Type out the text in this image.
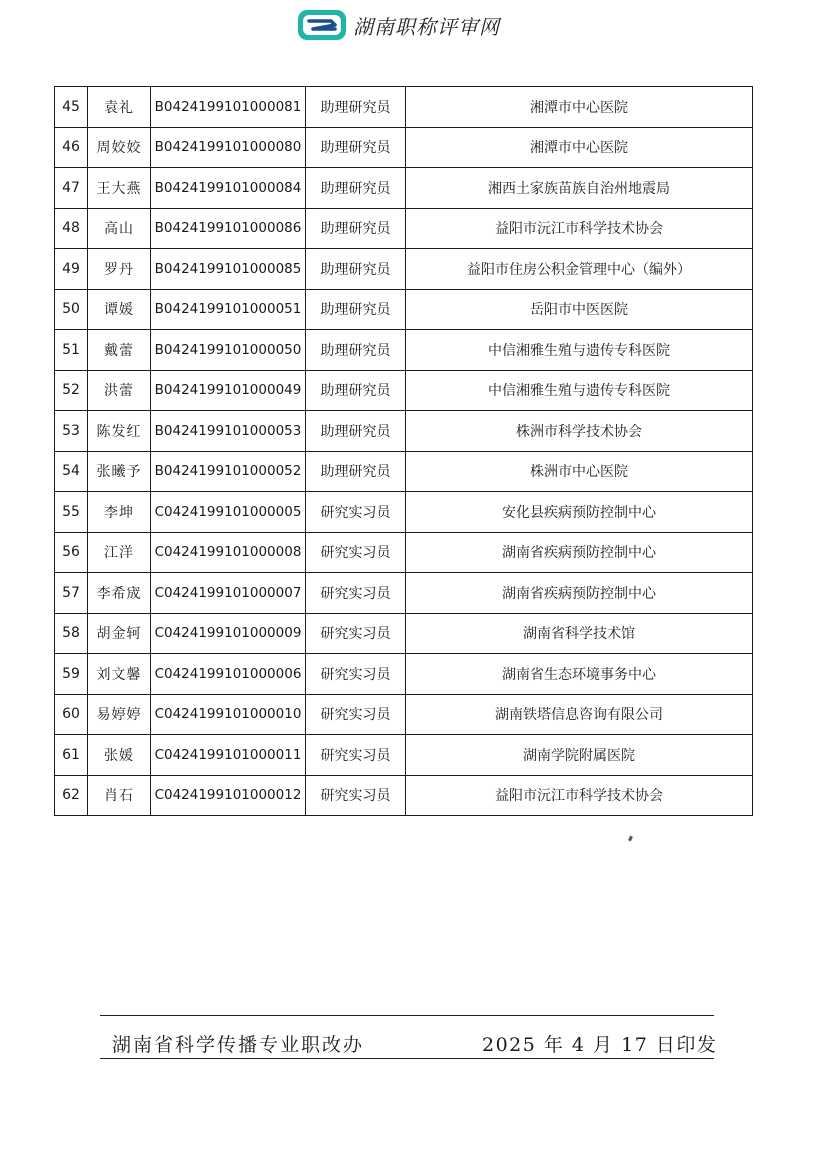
湖南职称评审网
45	袁礼	B0424199101000081	助理研究员	湘潭市中心医院
46	周姣姣	B0424199101000080	助理研究员	湘潭市中心医院
47	王大燕	B0424199101000084	助理研究员	湘西土家族苗族自治州地震局
48	高山	B0424199101000086	助理研究员	益阳市沅江市科学技术协会
49	罗丹	B0424199101000085	助理研究员	益阳市住房公积金管理中心（编外）
50	谭媛	B0424199101000051	助理研究员	岳阳市中医医院
51	戴蕾	B0424199101000050	助理研究员	中信湘雅生殖与遗传专科医院
52	洪蕾	B0424199101000049	助理研究员	中信湘雅生殖与遗传专科医院
53	陈发红	B0424199101000053	助理研究员	株洲市科学技术协会
54	张曦予	B0424199101000052	助理研究员	株洲市中心医院
55	李坤	C0424199101000005	研究实习员	安化县疾病预防控制中心
56	江洋	C0424199101000008	研究实习员	湖南省疾病预防控制中心
57	李希宬	C0424199101000007	研究实习员	湖南省疾病预防控制中心
58	胡金轲	C0424199101000009	研究实习员	湖南省科学技术馆
59	刘文馨	C0424199101000006	研究实习员	湖南省生态环境事务中心
60	易婷婷	C0424199101000010	研究实习员	湖南铁塔信息咨询有限公司
61	张媛	C0424199101000011	研究实习员	湖南学院附属医院
62	肖石	C0424199101000012	研究实习员	益阳市沅江市科学技术协会
湖南省科学传播专业职改办	2025 年 4 月 17 日印发
